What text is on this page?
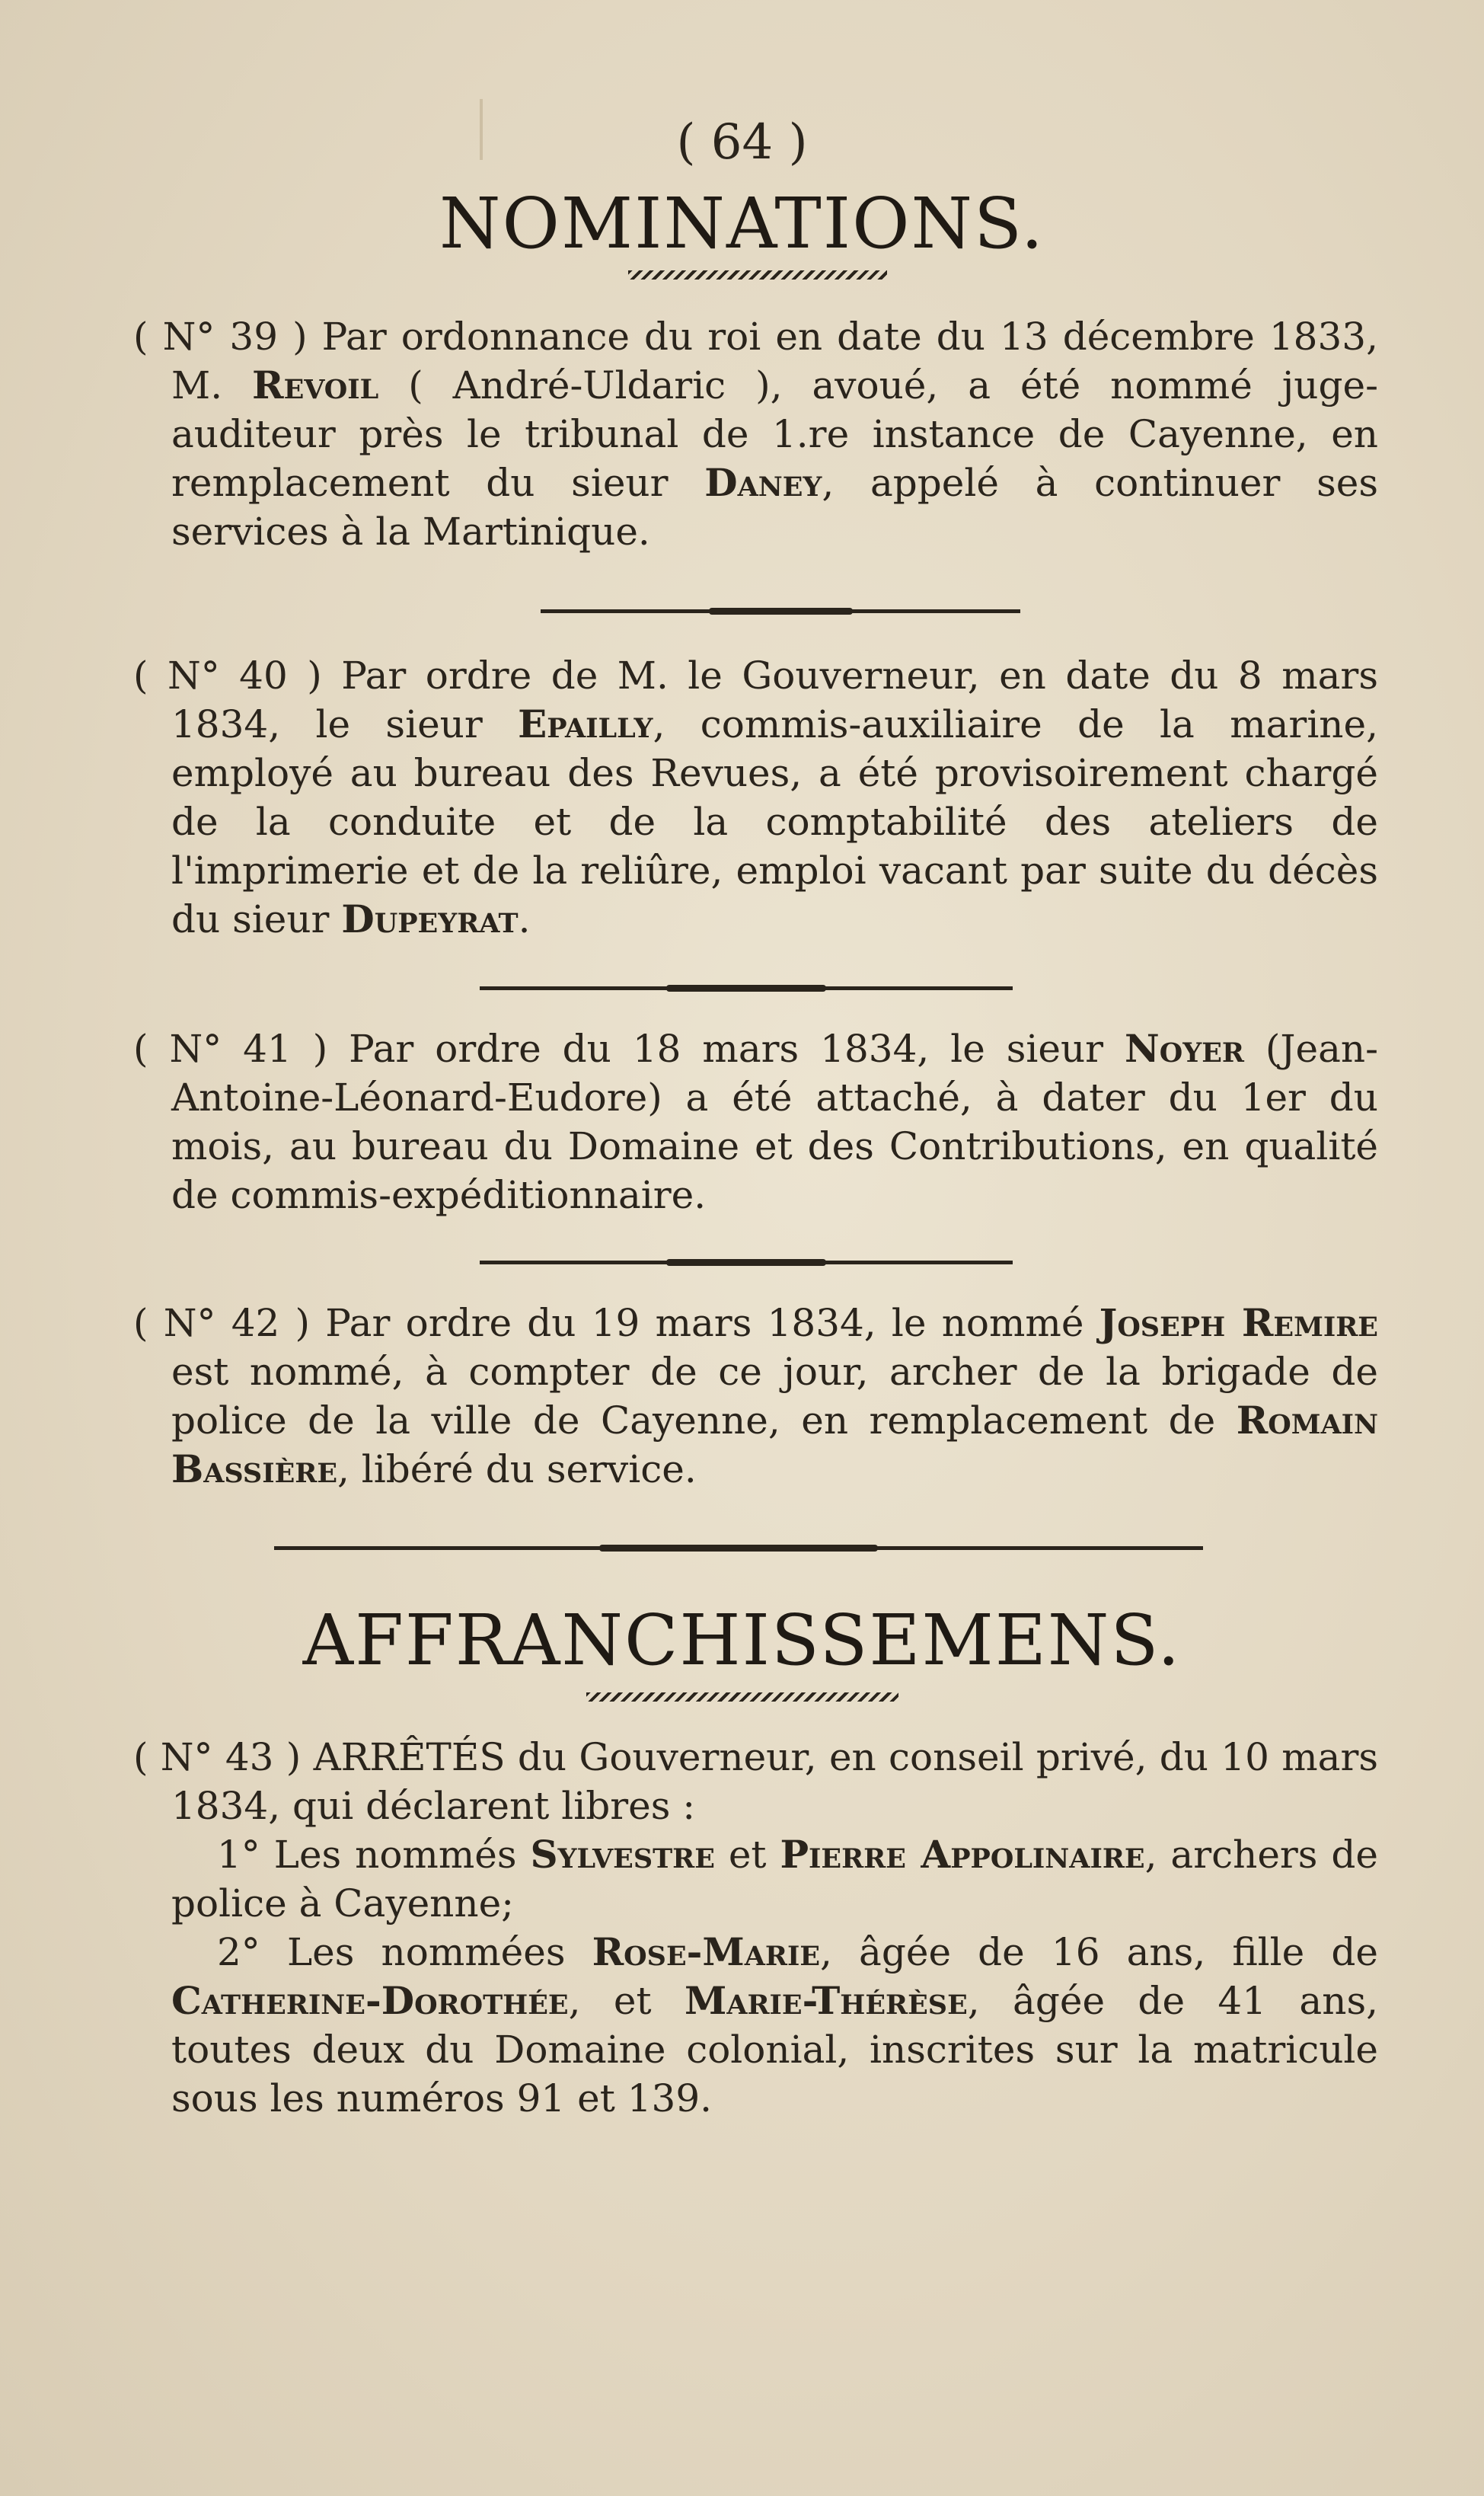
( 64 )
NOMINATIONS.

( N° 39 ) Par ordonnance du roi en date du 13 décembre 1833, M. Revoil ( André-Uldaric ), avoué, a été nommé juge-auditeur près le tribunal de 1.re instance de Cayenne, en remplacement du sieur Daney, appelé à continuer ses services à la Martinique.

( N° 40 ) Par ordre de M. le Gouverneur, en date du 8 mars 1834, le sieur Epailly, commis-auxiliaire de la marine, employé au bureau des Revues, a été provisoirement chargé de la conduite et de la comptabilité des ateliers de l'imprimerie et de la reliûre, emploi vacant par suite du décès du sieur Dupeyrat.

( N° 41 ) Par ordre du 18 mars 1834, le sieur Noyer (Jean-Antoine-Léonard-Eudore) a été attaché, à dater du 1er du mois, au bureau du Domaine et des Contributions, en qualité de commis-expéditionnaire.

( N° 42 ) Par ordre du 19 mars 1834, le nommé Joseph Remire est nommé, à compter de ce jour, archer de la brigade de police de la ville de Cayenne, en remplacement de Romain Bassière, libéré du service.

AFFRANCHISSEMENS.

( N° 43 ) ARRÊTÉS du Gouverneur, en conseil privé, du 10 mars 1834, qui déclarent libres :

1° Les nommés Sylvestre et Pierre Appolinaire, archers de police à Cayenne;

2° Les nommées Rose-Marie, âgée de 16 ans, fille de Catherine-Dorothée, et Marie-Thérèse, âgée de 41 ans, toutes deux du Domaine colonial, inscrites sur la matricule sous les numéros 91 et 139.
